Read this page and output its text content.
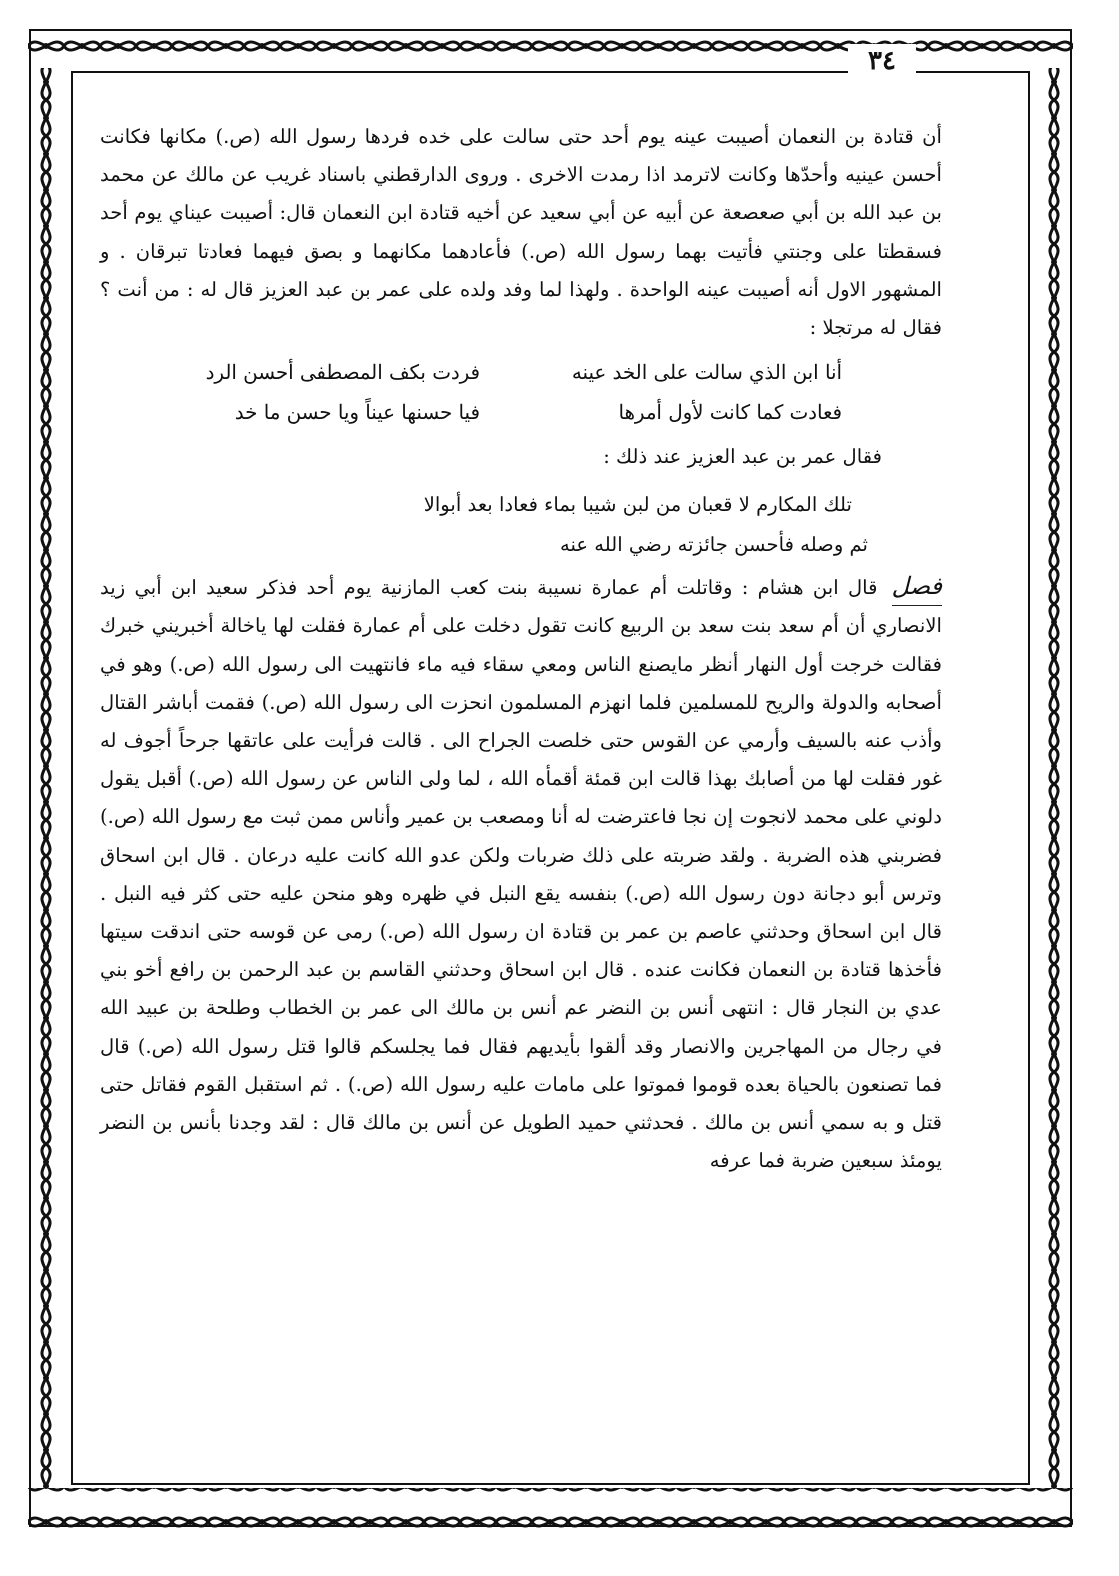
٣٤

أن قتادة بن النعمان أصيبت عينه يوم أحد حتى سالت على خده فردها رسول الله (ص.) مكانها فكانت أحسن عينيه وأحدّها وكانت لاترمد اذا رمدت الاخرى . وروى الدارقطني باسناد غريب عن مالك عن محمد بن عبد الله بن أبي صعصعة عن أبيه عن أبي سعيد عن أخيه قتادة ابن النعمان قال: أصيبت عيناي يوم أحد فسقطتا على وجنتي فأتيت بهما رسول الله (ص.) فأعادهما مكانهما و بصق فيهما فعادتا تبرقان . و المشهور الاول أنه أصيبت عينه الواحدة . ولهذا لما وفد ولده على عمر بن عبد العزيز قال له : من أنت ؟ فقال له مرتجلا :

أنا ابن الذي سالت على الخد عينه
فردت بكف المصطفى أحسن الرد
فعادت كما كانت لأول أمرها
فيا حسنها عيناً ويا حسن ما خد

فقال عمر بن عبد العزيز عند ذلك :

تلك المكارم لا قعبان من لبن شيبا بماء فعادا بعد أبوالا

ثم وصله فأحسن جائزته رضي الله عنه

فصلقال ابن هشام : وقاتلت أم عمارة نسيبة بنت كعب المازنية يوم أحد فذكر سعيد ابن أبي زيد الانصاري أن أم سعد بنت سعد بن الربيع كانت تقول دخلت على أم عمارة فقلت لها ياخالة أخبريني خبرك فقالت خرجت أول النهار أنظر مايصنع الناس ومعي سقاء فيه ماء فانتهيت الى رسول الله (ص.) وهو في أصحابه والدولة والريح للمسلمين فلما انهزم المسلمون انحزت الى رسول الله (ص.) فقمت أباشر القتال وأذب عنه بالسيف وأرمي عن القوس حتى خلصت الجراح الى . قالت فرأيت على عاتقها جرحاً أجوف له غور فقلت لها من أصابك بهذا قالت ابن قمئة أقمأه الله ، لما ولى الناس عن رسول الله (ص.) أقبل يقول دلوني على محمد لانجوت إن نجا فاعترضت له أنا ومصعب بن عمير وأناس ممن ثبت مع رسول الله (ص.) فضربني هذه الضربة . ولقد ضربته على ذلك ضربات ولكن عدو الله كانت عليه درعان . قال ابن اسحاق وترس أبو دجانة دون رسول الله (ص.) بنفسه يقع النبل في ظهره وهو منحن عليه حتى كثر فيه النبل . قال ابن اسحاق وحدثني عاصم بن عمر بن قتادة ان رسول الله (ص.) رمى عن قوسه حتى اندقت سيتها فأخذها قتادة بن النعمان فكانت عنده . قال ابن اسحاق وحدثني القاسم بن عبد الرحمن بن رافع أخو بني عدي بن النجار قال : انتهى أنس بن النضر عم أنس بن مالك الى عمر بن الخطاب وطلحة بن عبيد الله في رجال من المهاجرين والانصار وقد ألقوا بأيديهم فقال فما يجلسكم قالوا قتل رسول الله (ص.) قال فما تصنعون بالحياة بعده قوموا فموتوا على مامات عليه رسول الله (ص.) . ثم استقبل القوم فقاتل حتى قتل و به سمي أنس بن مالك . فحدثني حميد الطويل عن أنس بن مالك قال : لقد وجدنا بأنس بن النضر يومئذ سبعين ضربة فما عرفه
